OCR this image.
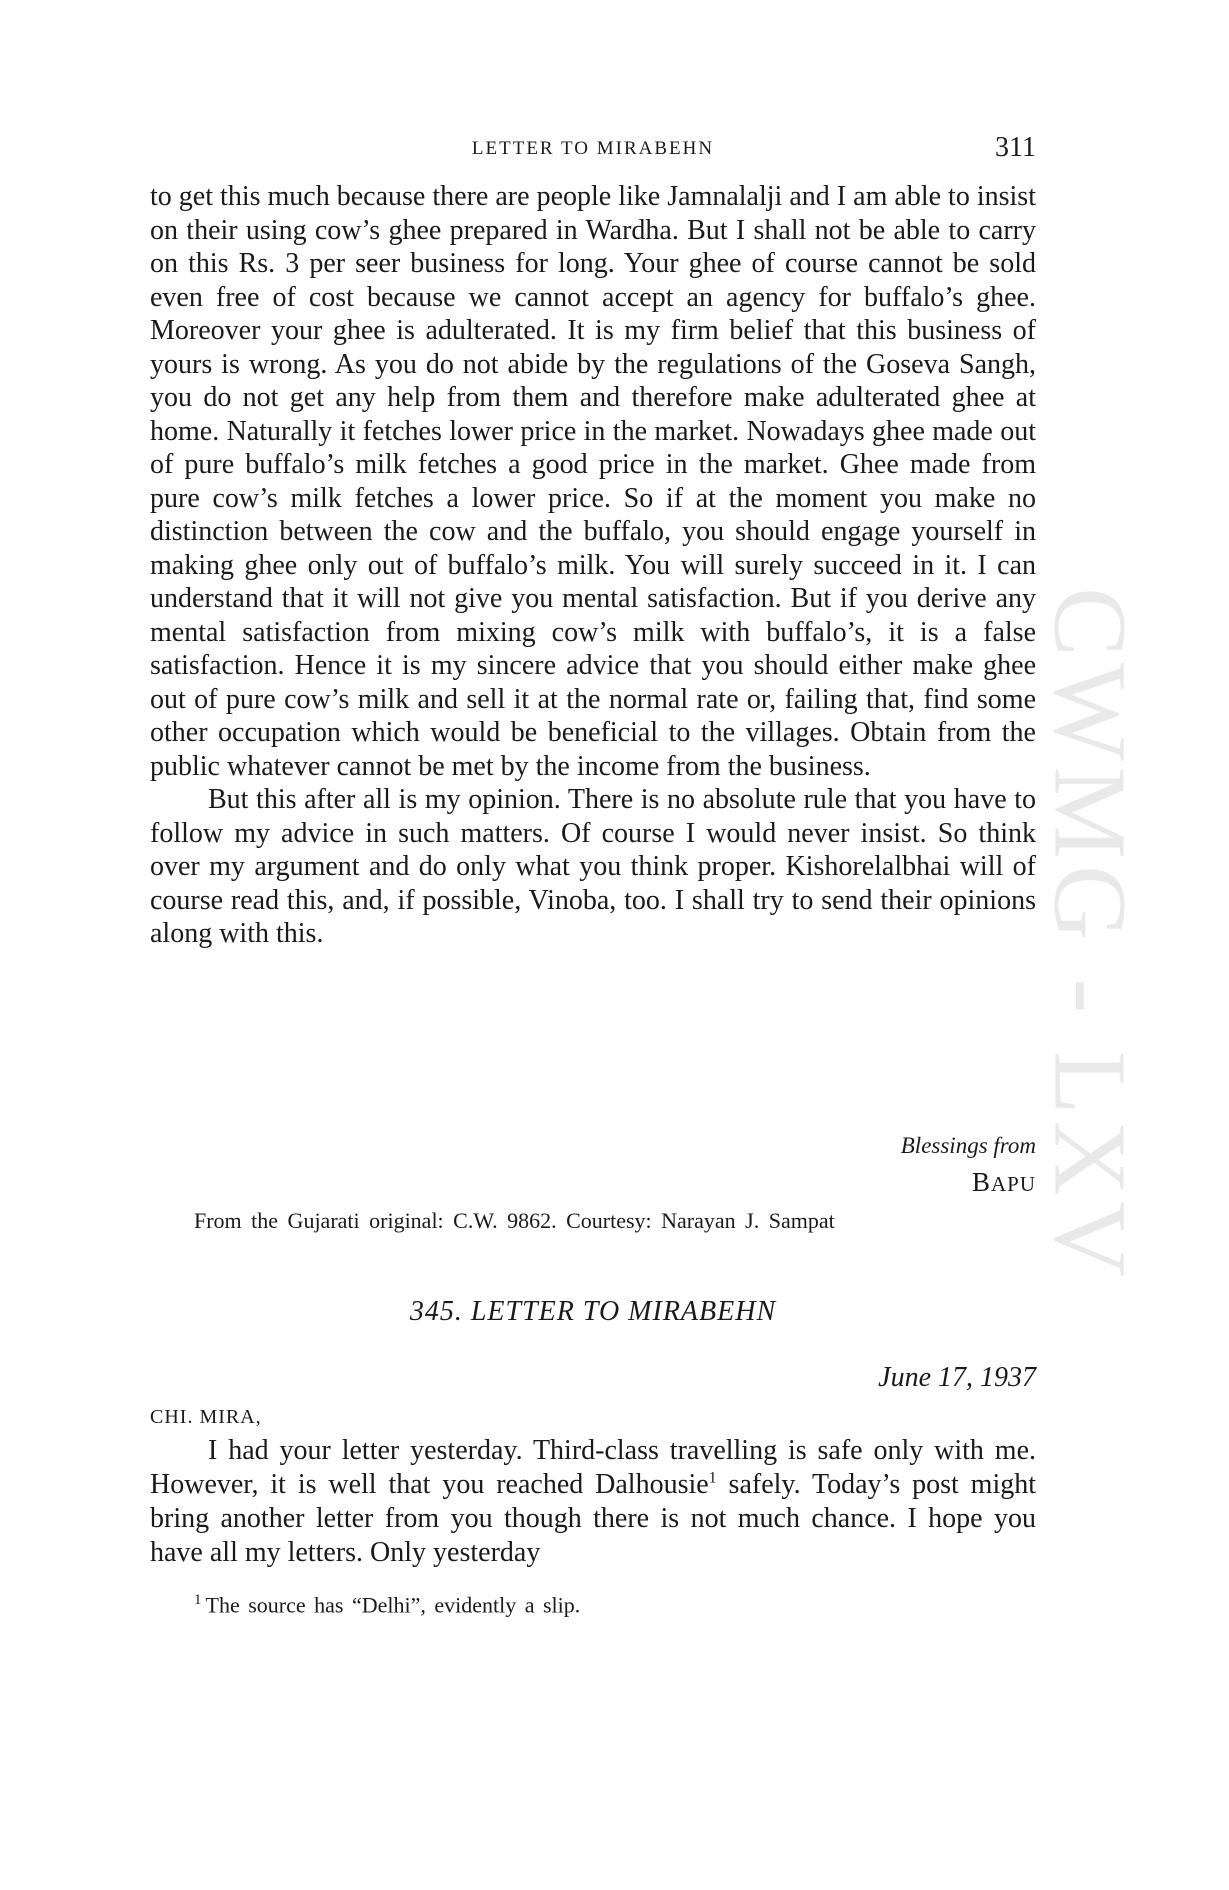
LETTER TO MIRABEHN	311

to get this much because there are people like Jamnalalji and I am able to insist on their using cow’s ghee prepared in Wardha. But I shall not be able to carry on this Rs. 3 per seer business for long. Your ghee of course cannot be sold even free of cost because we cannot accept an agency for buffalo’s ghee. Moreover your ghee is adulterated. It is my firm belief that this business of yours is wrong. As you do not abide by the regulations of the Goseva Sangh, you do not get any help from them and therefore make adulterated ghee at home. Naturally it fetches lower price in the market. Nowadays ghee made out of pure buffalo’s milk fetches a good price in the market. Ghee made from pure cow’s milk fetches a lower price. So if at the moment you make no distinction between the cow and the buffalo, you should engage yourself in making ghee only out of buffalo’s milk. You will surely succeed in it. I can understand that it will not give you mental satisfaction. But if you derive any mental satisfaction from mixing cow’s milk with buffalo’s, it is a false satisfaction. Hence it is my sincere advice that you should either make ghee out of pure cow’s milk and sell it at the normal rate or, failing that, find some other occupation which would be beneficial to the villages. Obtain from the public whatever cannot be met by the income from the business.

But this after all is my opinion. There is no absolute rule that you have to follow my advice in such matters. Of course I would never insist. So think over my argument and do only what you think proper. Kishorelalbhai will of course read this, and, if possible, Vinoba, too. I shall try to send their opinions along with this.

Blessings from
BAPU
From the Gujarati original: C.W. 9862. Courtesy: Narayan J. Sampat
345. LETTER TO MIRABEHN
June 17, 1937
CHI. MIRA,

I had your letter yesterday. Third-class travelling is safe only with me. However, it is well that you reached Dalhousie$^1$ safely. Today’s post might bring another letter from you though there is not much chance. I hope you have all my letters. Only yesterday

$^1$ The source has “Delhi”, evidently a slip.
CWMG - LXV
